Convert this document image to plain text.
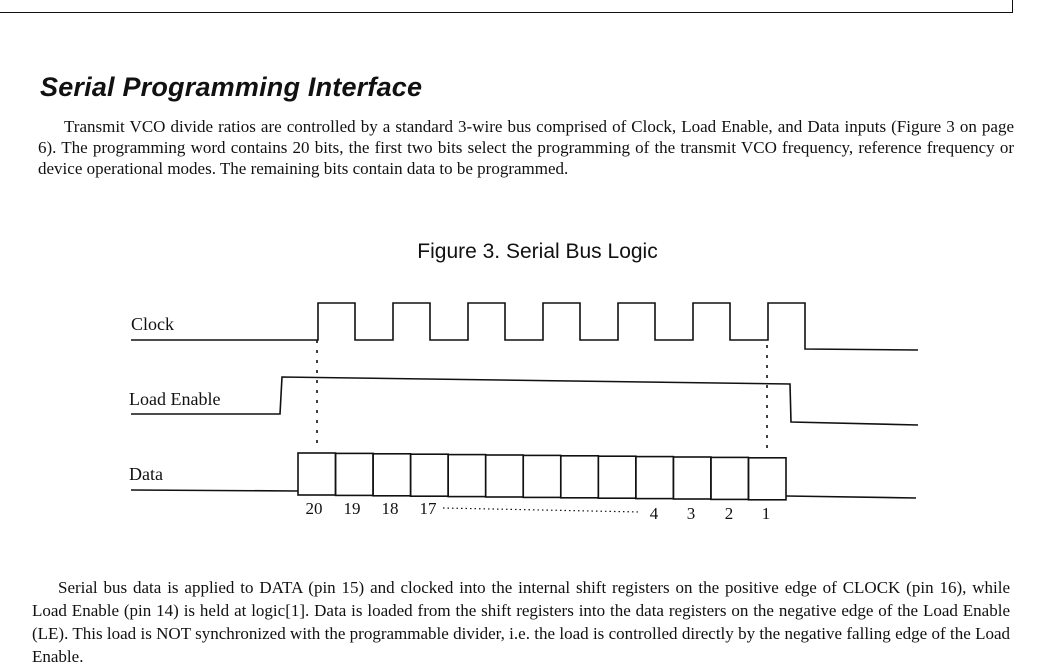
Serial Programming Interface

Transmit VCO divide ratios are controlled by a standard 3-wire bus comprised of Clock, Load Enable, and Data inputs (Figure 3 on page 6). The programming word contains 20 bits, the first two bits select the programming of the transmit VCO frequency, reference frequency or device operational modes. The remaining bits contain data to be programmed.

Figure 3. Serial Bus Logic

Clock
Load Enable
Data
20 19 18 17	4 3 2 1

Serial bus data is applied to DATA (pin 15) and clocked into the internal shift registers on the positive edge of CLOCK (pin 16), while Load Enable (pin 14) is held at logic[1]. Data is loaded from the shift registers into the data registers on the negative edge of the Load Enable (LE). This load is NOT synchronized with the programmable divider, i.e. the load is controlled directly by the negative falling edge of the Load Enable.
